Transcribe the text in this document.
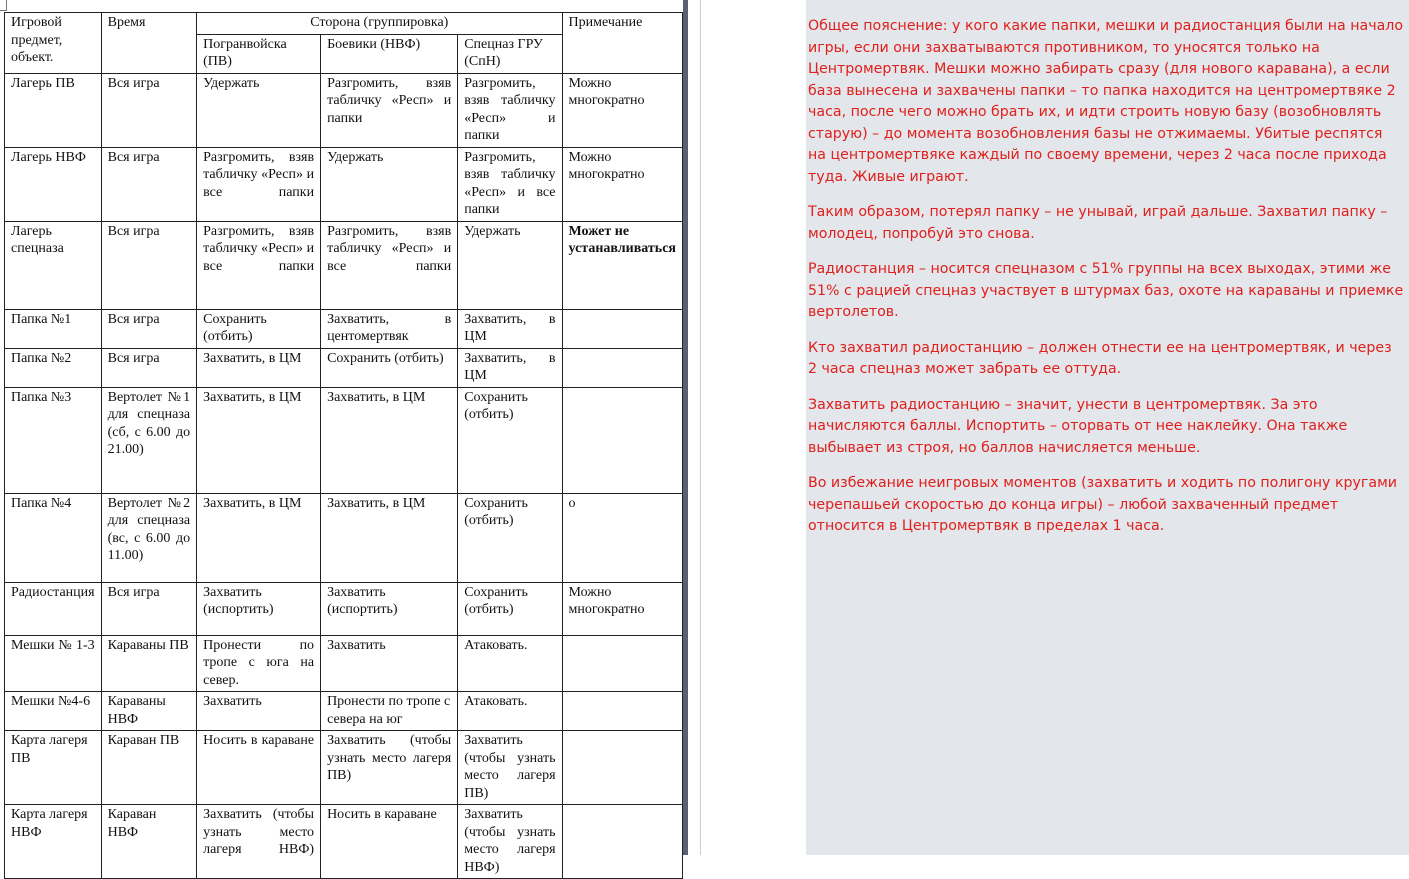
Игровой предмет, объект.	Время	Сторона (группировка)			Примечание
		Погранвойска (ПВ)	Боевики (НВФ)	Спецназ ГРУ (СпН)	
Лагерь ПВ	Вся игра	Удержать	Разгромить, взяв табличку «Респ» и папки	Разгромить, взяв табличку «Респ» и папки	Можно многократно
Лагерь НВФ	Вся игра	Разгромить, взяв табличку «Респ» и все папки	Удержать	Разгромить, взяв табличку «Респ» и все папки	Можно многократно
Лагерь спецназа	Вся игра	Разгромить, взяв табличку «Респ» и все папки	Разгромить, взяв табличку «Респ» и все папки	Удержать	Может не устанавливаться
Папка №1	Вся игра	Сохранить (отбить)	Захватить, в центомертвяк	Захватить, в ЦМ	
Папка №2	Вся игра	Захватить, в ЦМ	Сохранить (отбить)	Захватить, в ЦМ	
Папка №3	Вертолет №1 для спецназа (сб, с 6.00 до 21.00)	Захватить, в ЦМ	Захватить, в ЦМ	Сохранить (отбить)	
Папка №4	Вертолет №2 для спецназа (вс, с 6.00 до 11.00)	Захватить, в ЦМ	Захватить, в ЦМ	Сохранить (отбить)	о
Радиостанция	Вся игра	Захватить (испортить)	Захватить (испортить)	Сохранить (отбить)	Можно многократно
Мешки № 1-3	Караваны ПВ	Пронести по тропе с юга на север.	Захватить	Атаковать.	
Мешки №4-6	Караваны НВФ	Захватить	Пронести по тропе с севера на юг	Атаковать.	
Карта лагеря ПВ	Караван ПВ	Носить в караване	Захватить (чтобы узнать место лагеря ПВ)	Захватить (чтобы узнать место лагеря ПВ)	
Карта лагеря НВФ	Караван НВФ	Захватить (чтобы узнать место лагеря НВФ)	Носить в караване	Захватить (чтобы узнать место лагеря НВФ)	

Общее пояснение: у кого какие папки, мешки и радиостанция были на начало игры, если они захватываются противником, то уносятся только на Центромертвяк. Мешки можно забирать сразу (для нового каравана), а если база вынесена и захвачены папки – то папка находится на центромертвяке 2 часа, после чего можно брать их, и идти строить новую базу (возобновлять старую) – до момента возобновления базы не отжимаемы. Убитые респятся на центромертвяке каждый по своему времени, через 2 часа после прихода туда. Живые играют.

Таким образом, потерял папку – не унывай, играй дальше. Захватил папку – молодец, попробуй это снова.

Радиостанция – носится спецназом с 51% группы на всех выходах, этими же 51% с рацией спецназ участвует в штурмах баз, охоте на караваны и приемке вертолетов.

Кто захватил радиостанцию – должен отнести ее на центромертвяк, и через 2 часа спецназ может забрать ее оттуда.

Захватить радиостанцию – значит, унести в центромертвяк. За это начисляются баллы. Испортить – оторвать от нее наклейку. Она также выбывает из строя, но баллов начисляется меньше.

Во избежание неигровых моментов (захватить и ходить по полигону кругами черепашьей скоростью до конца игры) – любой захваченный предмет относится в Центромертвяк в пределах 1 часа.
